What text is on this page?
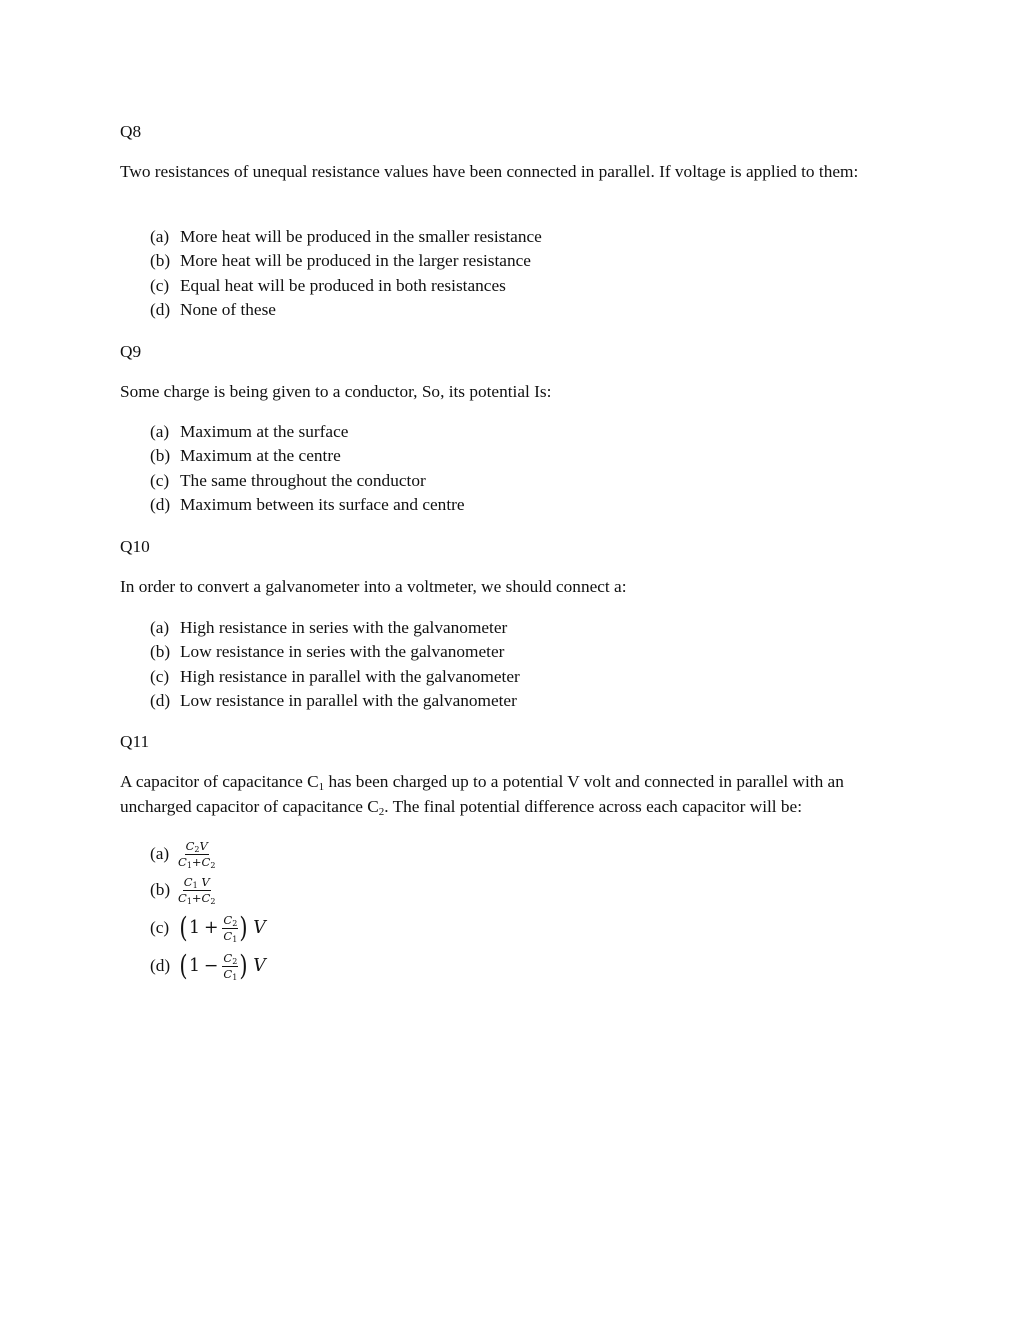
Q8
Two resistances of unequal resistance values have been connected in parallel. If voltage is applied to them:
(a) More heat will be produced in the smaller resistance
(b) More heat will be produced in the larger resistance
(c) Equal heat will be produced in both resistances
(d) None of these
Q9
Some charge is being given to a conductor, So, its potential Is:
(a) Maximum at the surface
(b) Maximum at the centre
(c) The same throughout the conductor
(d) Maximum between its surface and centre
Q10
In order to convert a galvanometer into a voltmeter, we should connect a:
(a) High resistance in series with the galvanometer
(b) Low resistance in series with the galvanometer
(c) High resistance in parallel with the galvanometer
(d) Low resistance in parallel with the galvanometer
Q11
A capacitor of capacitance $C_1$ has been charged up to a potential V volt and connected in parallel with an uncharged capacitor of capacitance $C_2$. The final potential difference across each capacitor will be:
$(a) \frac{C_2V}{C_1+C_2}$
$(b) \frac{C_1 V}{C_1+C_2}$
(c) ( $1 + \frac{C_2}{C_1}$ ) V
(d) ( $1 - \frac{C_2}{C_1}$ ) V
